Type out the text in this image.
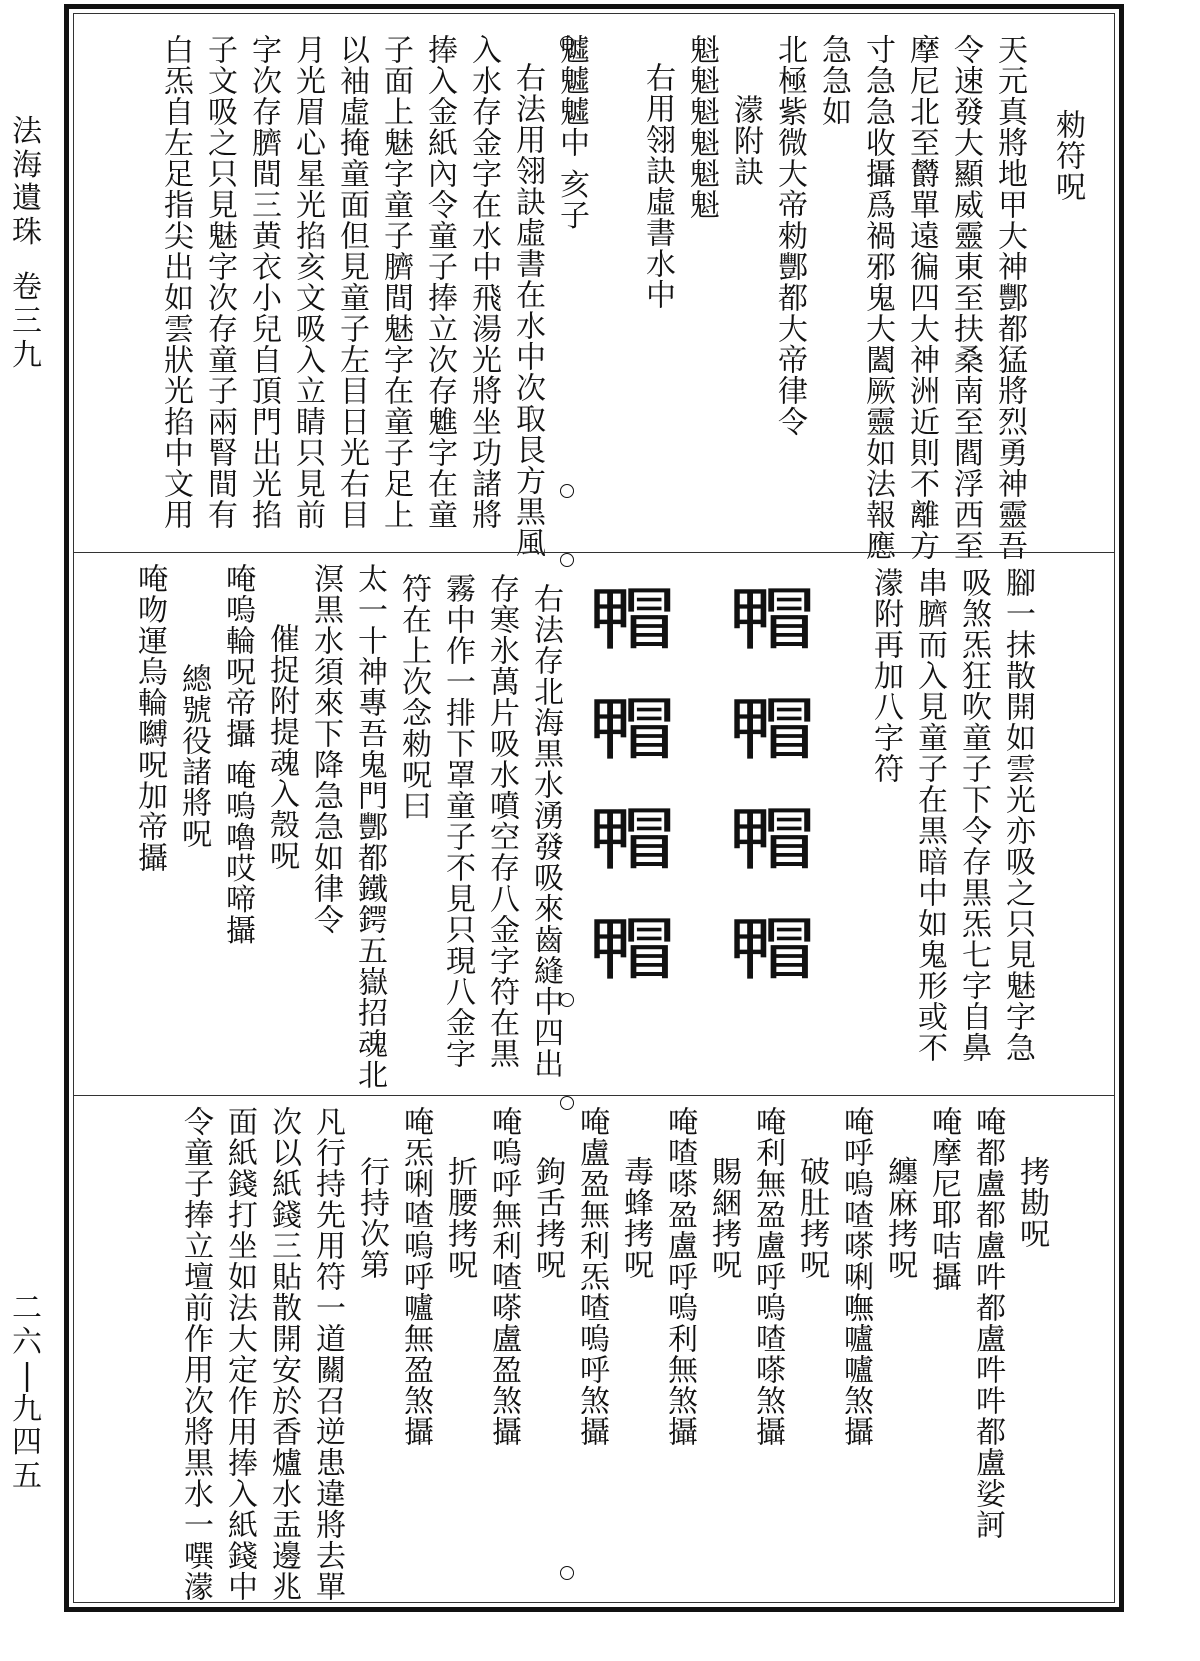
法
海
遺
珠
卷
三
九
二
六
|
九
四
五
勑符呪
天元真將地甲大神酆都猛將烈勇神靈吾
令速發大顯威靈東至扶桑南至閻浮西至
摩尼北至欝單遠徧四大神洲近則不離方
寸急急收攝爲禍邪鬼大闔厥靈如法報應
急急如
北極紫微大帝勑酆都大帝律令
濛附訣
魁魁魁魁魁魁
右用翎訣虛書水中
魖魖魖中 亥子
右法用翎訣虛書在水中次取艮方黒風
入水存金字在水中飛湯光將坐功諸將
捧入金紙內令童子捧立次存魋字在童
子面上魅字童子臍間魅字在童子足上
以袖虛掩童面但見童子左目日光右目
月光眉心星光掐亥文吸入立睛只見前
字次存臍間三黄衣小兒自頂門出光掐
子文吸之只見魅字次存童子兩腎間有
白炁自左足指尖出如雲狀光掐中文用
腳一抹散開如雲光亦吸之只見魅字急
吸煞炁狂吹童子下令存黒炁七字自鼻
串臍而入見童子在黒暗中如鬼形或不
濛附再加八字符
𤲰
𤲰
𤲰
𤲰
𤲰
𤲰
𤲰
𤲰
右法存北海黒水湧發吸來齒縫中四出
存寒氷萬片吸水噴空存八金字符在黒
霧中作一排下罩童子不見只現八金字
符在上次念勑呪曰
太一十神專吾鬼門酆都鐵鍔五嶽招魂北
溟黒水須來下降急急如律令
催捉附提魂入殼呪
唵嗚輪呪帝攝 唵嗚嚕哎啼攝
總號役諸將呪
唵吻運烏輪嚩呪加帝攝
拷勘呪
唵都盧都盧吽都盧吽吽都盧娑訶
唵摩尼耶咭攝
纏麻拷呪
唵呼嗚喳嗏唎嘸嚧嚧煞攝
破肚拷呪
唵利無盈盧呼嗚喳嗏煞攝
賜綑拷呪
唵喳嗏盈盧呼嗚利無煞攝
毒蜂拷呪
唵盧盈無利炁喳嗚呼煞攝
鉤舌拷呪
唵嗚呼無利喳嗏盧盈煞攝
折腰拷呪
唵炁唎喳嗚呼嚧無盈煞攝
行持次第
凡行持先用符一道關召逆患違將去單
次以紙錢三貼散開安於香爐水盂邊兆
面紙錢打坐如法大定作用捧入紙錢中
令童子捧立壇前作用次將黒水一噀濛
